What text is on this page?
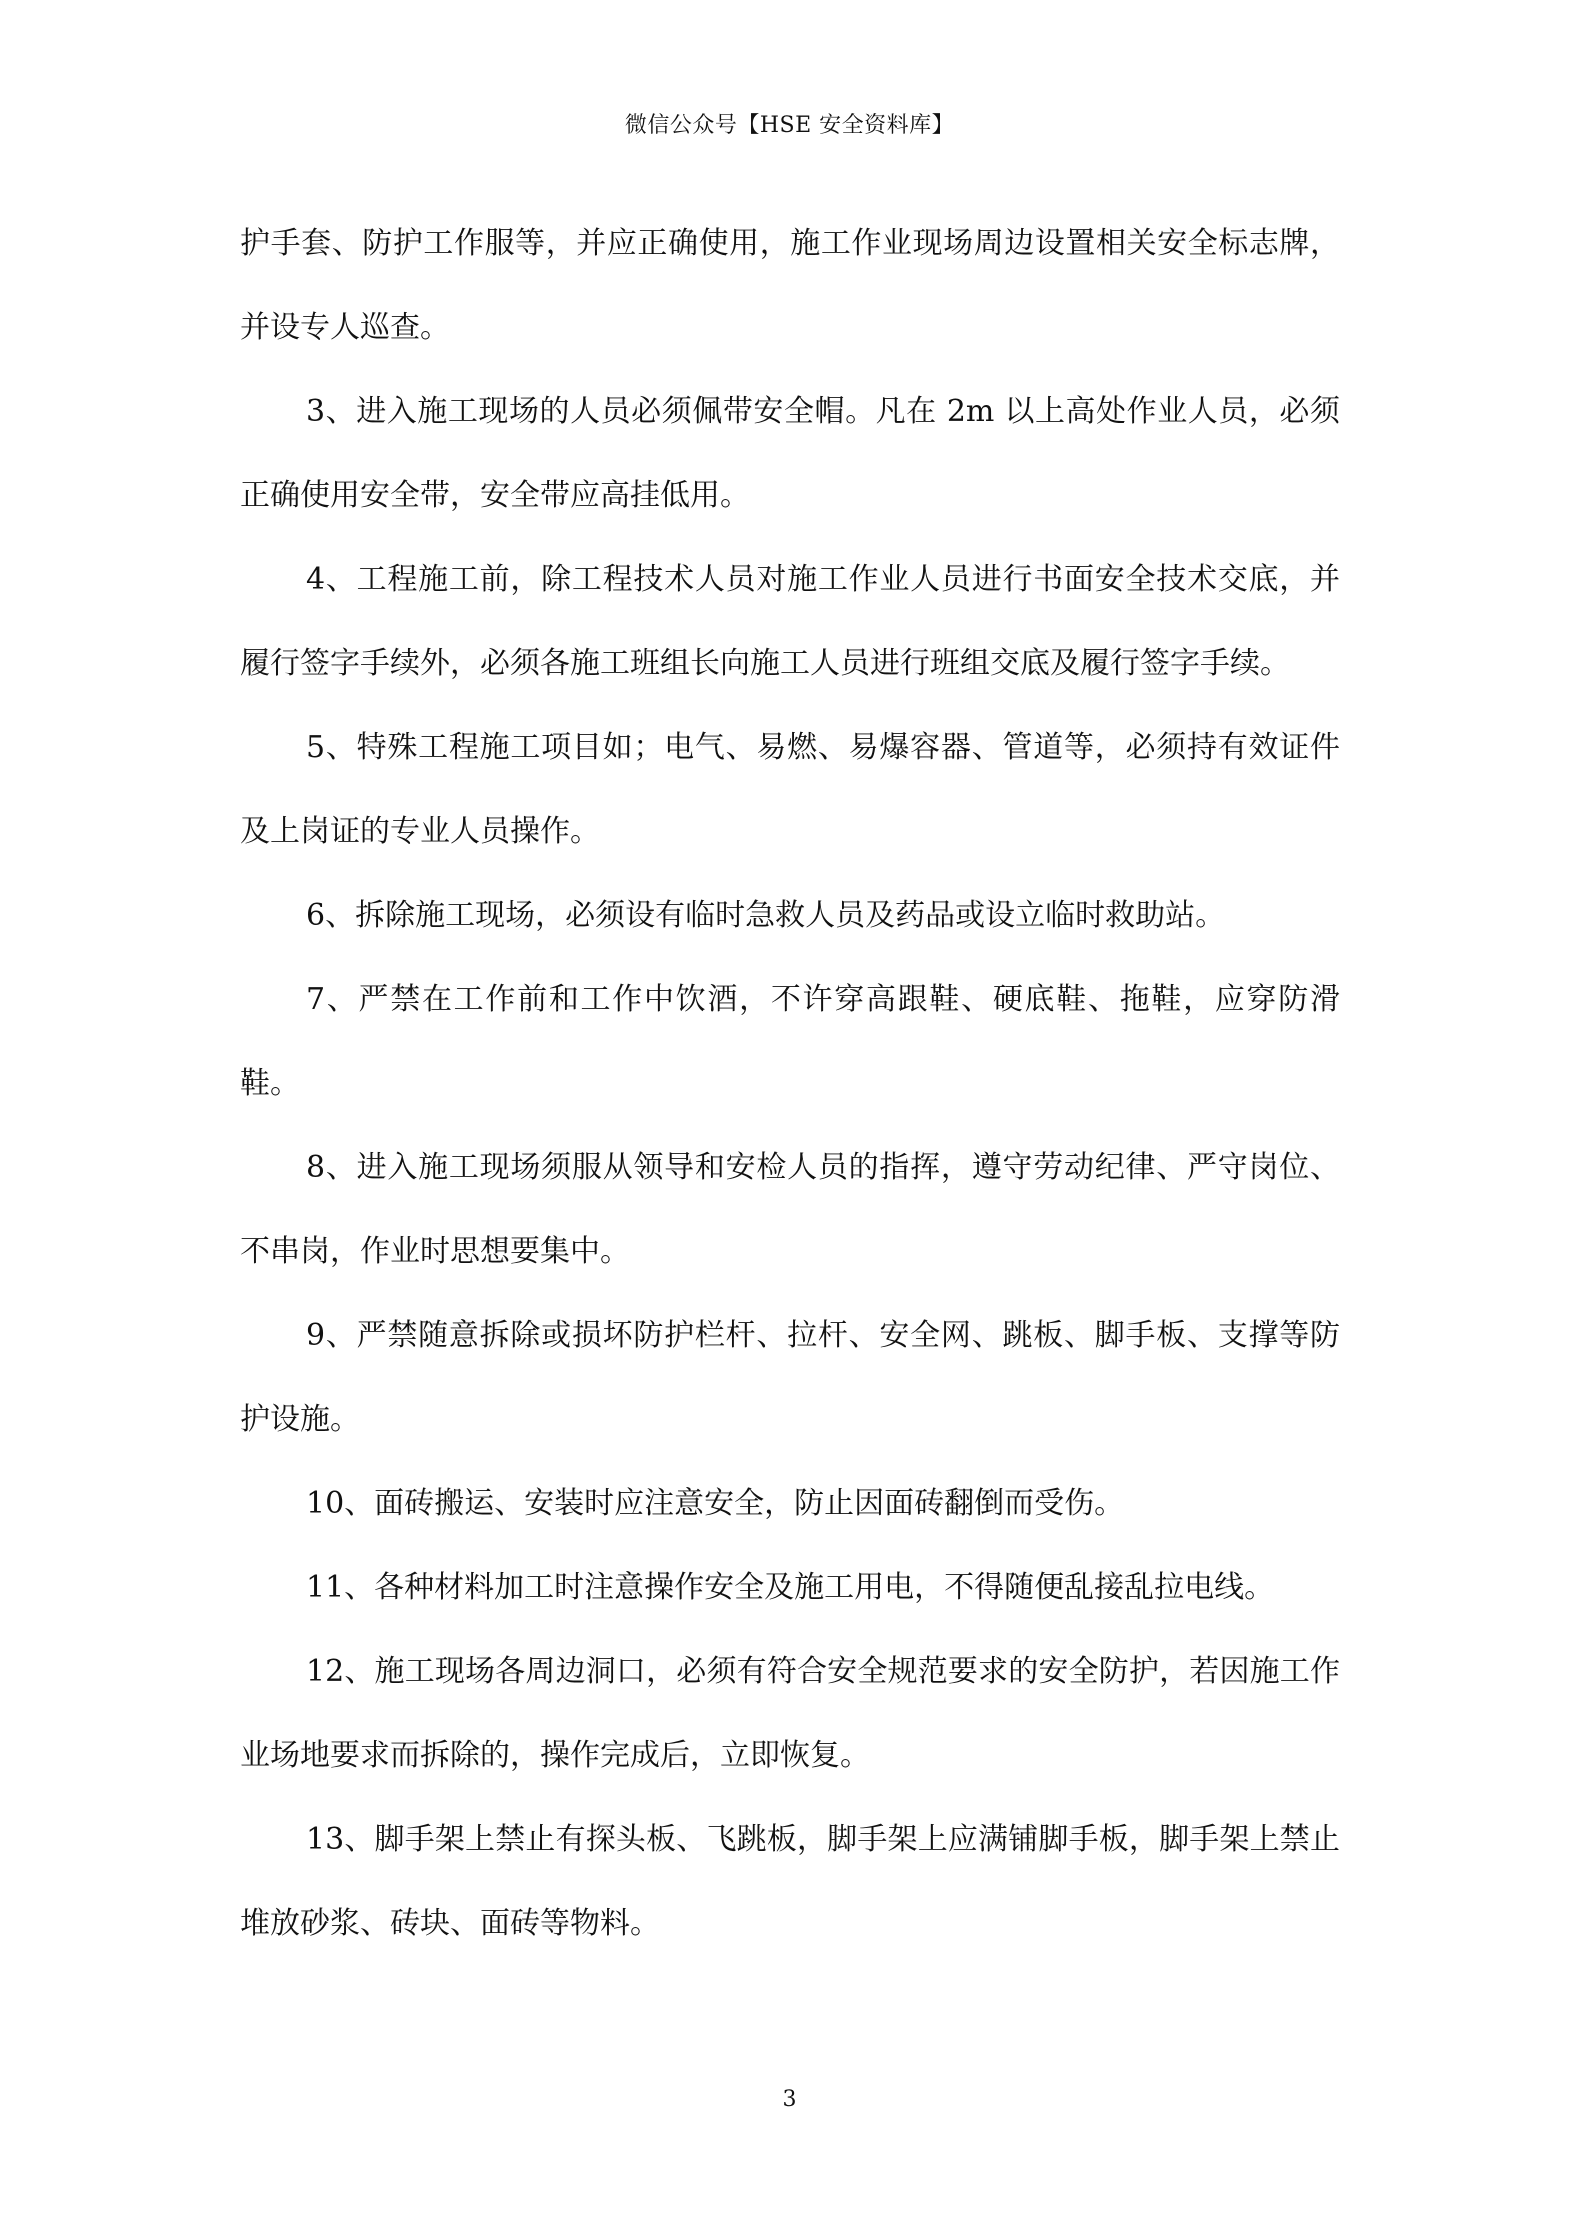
微信公众号【HSE 安全资料库】

护手套、防护工作服等，并应正确使用，施工作业现场周边设置相关安全标志牌，并设专人巡查。

3、进入施工现场的人员必须佩带安全帽。凡在 2m 以上高处作业人员，必须正确使用安全带，安全带应高挂低用。

4、工程施工前，除工程技术人员对施工作业人员进行书面安全技术交底，并履行签字手续外，必须各施工班组长向施工人员进行班组交底及履行签字手续。

5、特殊工程施工项目如；电气、易燃、易爆容器、管道等，必须持有效证件及上岗证的专业人员操作。

6、拆除施工现场，必须设有临时急救人员及药品或设立临时救助站。

7、严禁在工作前和工作中饮酒，不许穿高跟鞋、硬底鞋、拖鞋，应穿防滑鞋。

8、进入施工现场须服从领导和安检人员的指挥，遵守劳动纪律、严守岗位、不串岗，作业时思想要集中。

9、严禁随意拆除或损坏防护栏杆、拉杆、安全网、跳板、脚手板、支撑等防护设施。

10、面砖搬运、安装时应注意安全，防止因面砖翻倒而受伤。

11、各种材料加工时注意操作安全及施工用电，不得随便乱接乱拉电线。

12、施工现场各周边洞口，必须有符合安全规范要求的安全防护，若因施工作业场地要求而拆除的，操作完成后，立即恢复。

13、脚手架上禁止有探头板、飞跳板，脚手架上应满铺脚手板，脚手架上禁止堆放砂浆、砖块、面砖等物料。

3
